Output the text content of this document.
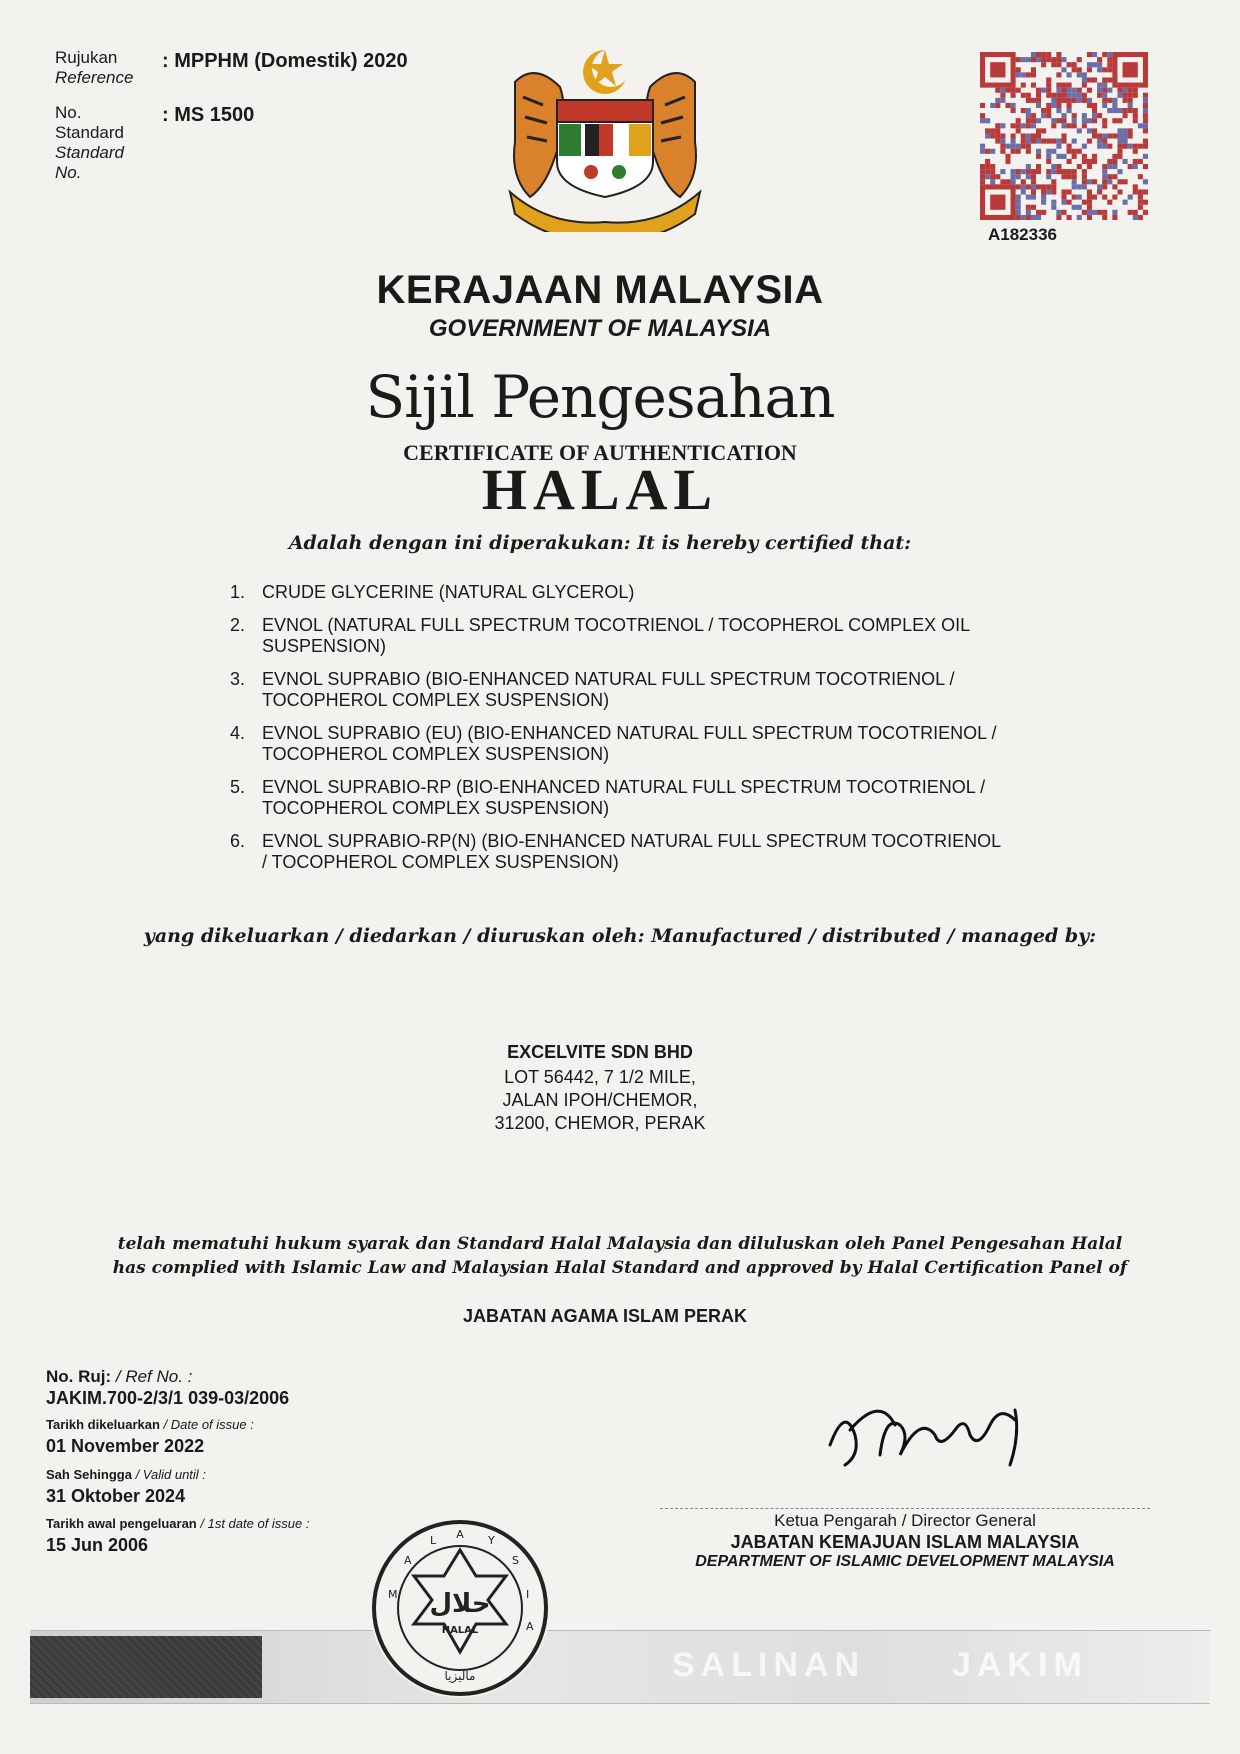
Rujukan
Reference
: MPPHM (Domestik) 2020
No.
Standard
Standard
No.
: MS 1500
A182336
KERAJAAN MALAYSIA
GOVERNMENT OF MALAYSIA
Sijil Pengesahan
CERTIFICATE OF AUTHENTICATION
HALAL
Adalah dengan ini diperakukan: It is hereby certified that:
1. CRUDE GLYCERINE (NATURAL GLYCEROL)
2. EVNOL (NATURAL FULL SPECTRUM TOCOTRIENOL / TOCOPHEROL COMPLEX OIL SUSPENSION)
3. EVNOL SUPRABIO (BIO-ENHANCED NATURAL FULL SPECTRUM TOCOTRIENOL / TOCOPHEROL COMPLEX SUSPENSION)
4. EVNOL SUPRABIO (EU) (BIO-ENHANCED NATURAL FULL SPECTRUM TOCOTRIENOL / TOCOPHEROL COMPLEX SUSPENSION)
5. EVNOL SUPRABIO-RP (BIO-ENHANCED NATURAL FULL SPECTRUM TOCOTRIENOL / TOCOPHEROL COMPLEX SUSPENSION)
6. EVNOL SUPRABIO-RP(N) (BIO-ENHANCED NATURAL FULL SPECTRUM TOCOTRIENOL / TOCOPHEROL COMPLEX SUSPENSION)
yang dikeluarkan / diedarkan / diuruskan oleh: Manufactured / distributed / managed by:
EXCELVITE SDN BHD
LOT 56442, 7 1/2 MILE,
JALAN IPOH/CHEMOR,
31200, CHEMOR, PERAK
telah mematuhi hukum syarak dan Standard Halal Malaysia dan diluluskan oleh Panel Pengesahan Halal
has complied with Islamic Law and Malaysian Halal Standard and approved by Halal Certification Panel of
JABATAN AGAMA ISLAM PERAK
No. Ruj: / Ref No. :
JAKIM.700-2/3/1 039-03/2006
Tarikh dikeluarkan / Date of issue :
01 November 2022
Sah Sehingga / Valid until :
31 Oktober 2024
Tarikh awal pengeluaran / 1st date of issue :
15 Jun 2006
Ketua Pengarah / Director General
JABATAN KEMAJUAN ISLAM MALAYSIA
DEPARTMENT OF ISLAMIC DEVELOPMENT MALAYSIA
SALINAN	JAKIM
A
L	Y
A	S
M	I
A
حلال
HALAL
ماليزيا
